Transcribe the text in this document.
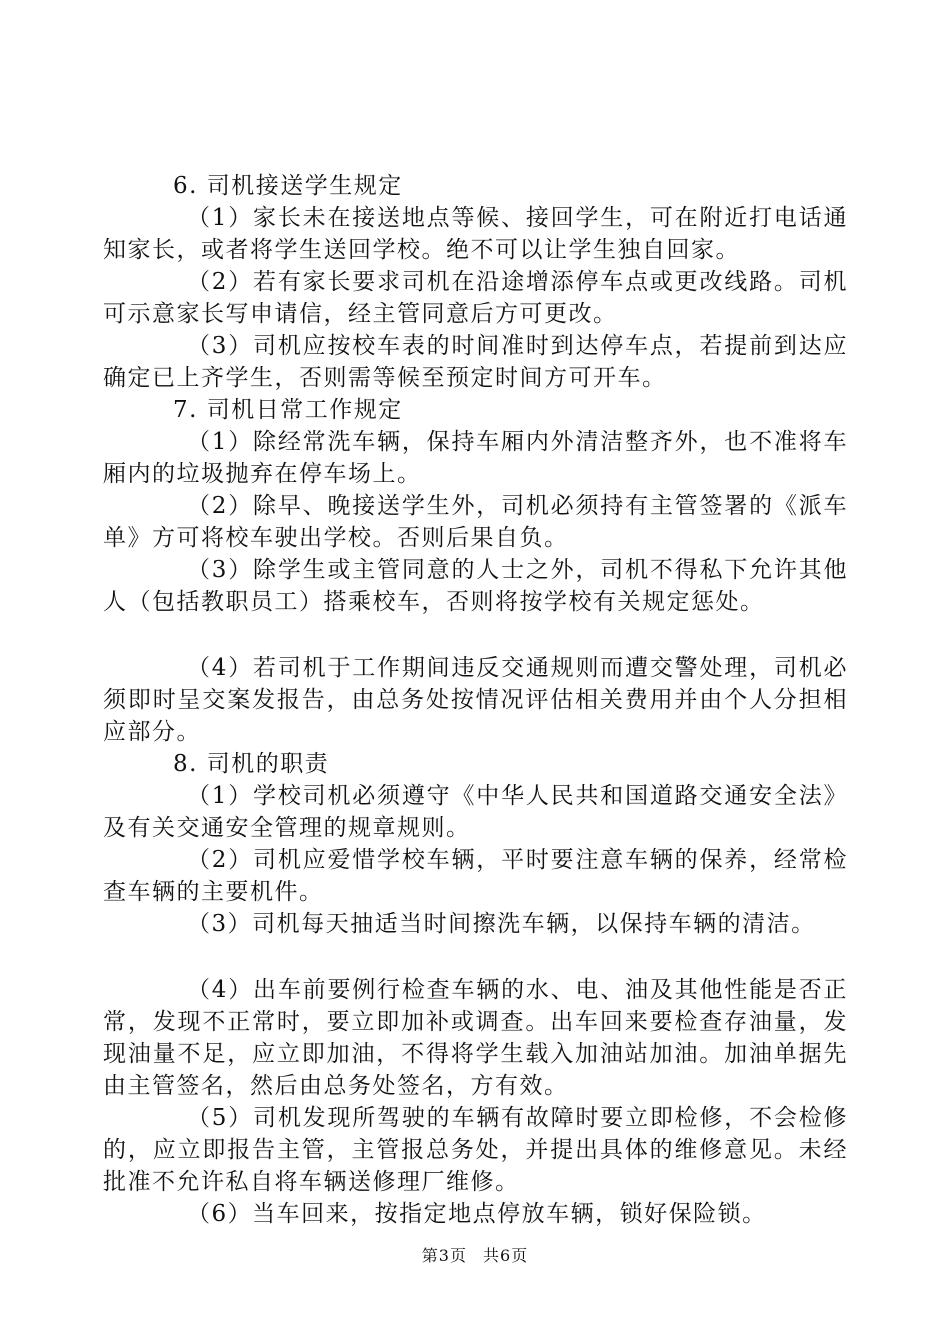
6. 司机接送学生规定

（1）家长未在接送地点等候、接回学生，可在附近打电话通知家长，或者将学生送回学校。绝不可以让学生独自回家。

（2）若有家长要求司机在沿途增添停车点或更改线路。司机可示意家长写申请信，经主管同意后方可更改。

（3）司机应按校车表的时间准时到达停车点，若提前到达应确定已上齐学生，否则需等候至预定时间方可开车。

7. 司机日常工作规定

（1）除经常洗车辆，保持车厢内外清洁整齐外，也不准将车厢内的垃圾抛弃在停车场上。

（2）除早、晚接送学生外，司机必须持有主管签署的《派车单》方可将校车驶出学校。否则后果自负。

（3）除学生或主管同意的人士之外，司机不得私下允许其他人（包括教职员工）搭乘校车，否则将按学校有关规定惩处。

（4）若司机于工作期间违反交通规则而遭交警处理，司机必须即时呈交案发报告，由总务处按情况评估相关费用并由个人分担相应部分。

8. 司机的职责

（1）学校司机必须遵守《中华人民共和国道路交通安全法》及有关交通安全管理的规章规则。

（2）司机应爱惜学校车辆，平时要注意车辆的保养，经常检查车辆的主要机件。

（3）司机每天抽适当时间擦洗车辆，以保持车辆的清洁。

（4）出车前要例行检查车辆的水、电、油及其他性能是否正常，发现不正常时，要立即加补或调查。出车回来要检查存油量，发现油量不足，应立即加油，不得将学生载入加油站加油。加油单据先由主管签名，然后由总务处签名，方有效。

（5）司机发现所驾驶的车辆有故障时要立即检修，不会检修的，应立即报告主管，主管报总务处，并提出具体的维修意见。未经批准不允许私自将车辆送修理厂维修。

（6）当车回来，按指定地点停放车辆，锁好保险锁。

第3页 共6页
